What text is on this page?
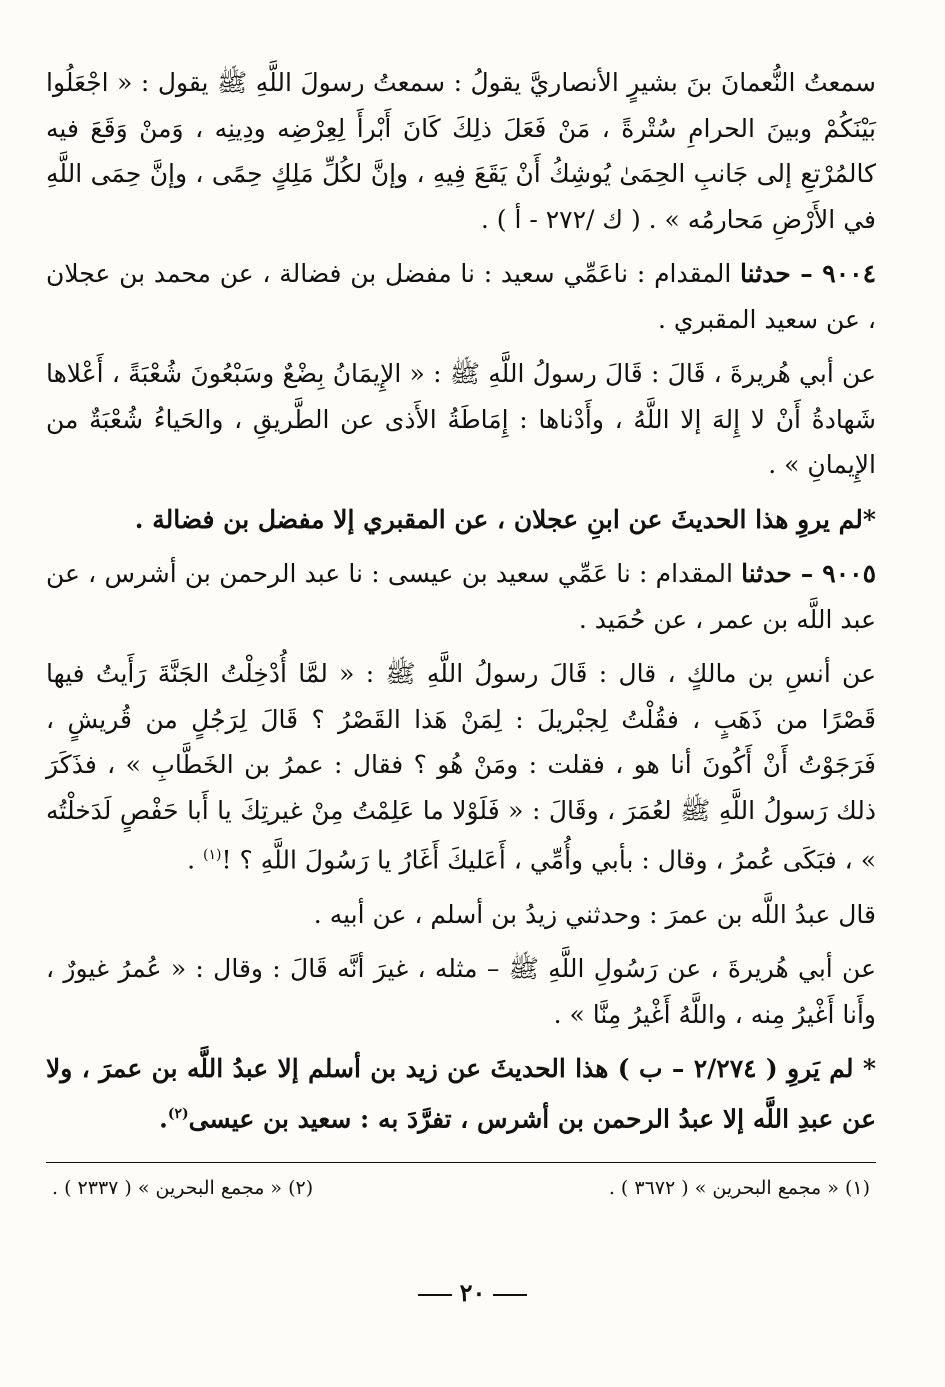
سمعتُ النُّعمانَ بنَ بشيرٍ الأنصاريَّ يقولُ : سمعتُ رسولَ اللَّهِ ﷺ يقول : « اجْعَلُوا بَيْنَكُمْ وبينَ الحرامِ سُتْرةً ، مَنْ فَعَلَ ذلِكَ كَانَ أَبْرأَ لِعِرْضِه ودِينِه ، وَمنْ وَقَعَ فيه كالمُرْتعِ إلى جَانبِ الحِمَىٰ يُوشِكُ أَنْ يَقَعَ فِيهِ ، وإنَّ لكُلِّ مَلِكٍ حِمًى ، وإنَّ حِمَى اللَّهِ في الأَرْضِ مَحارمُه » . ( ك /٢٧٢ - أ ) .

٩٠٠٤ – حدثنا المقدام : ناعَمِّي سعيد : نا مفضل بن فضالة ، عن محمد بن عجلان ، عن سعيد المقبري .

عن أبي هُريرةَ ، قَالَ : قَالَ رسولُ اللَّهِ ﷺ : « الإِيمَانُ بِضْعٌ وسَبْعُونَ شُعْبَةً ، أَعْلاها شَهادةُ أَنْ لا إِلهَ إلا اللَّهُ ، وأَدْناها : إِمَاطَةُ الأَذى عن الطَّريقِ ، والحَياءُ شُعْبَةٌ من الإِيمانِ » .

*لم يروِ هذا الحديثَ عن ابنِ عجلان ، عن المقبري إلا مفضل بن فضالة .

٩٠٠٥ – حدثنا المقدام : نا عَمِّي سعيد بن عيسى : نا عبد الرحمن بن أشرس ، عن عبد اللَّه بن عمر ، عن حُمَيد .

عن أنسِ بن مالكٍ ، قال : قَالَ رسولُ اللَّهِ ﷺ : « لمَّا أُدْخِلْتُ الجَنَّةَ رَأَيتُ فيها قَصْرًا من ذَهَبٍ ، فقُلْتُ لِجبْريلَ : لِمَنْ هَذا القَصْرُ ؟ قَالَ لِرَجُلٍ من قُريشٍ ، فَرَجَوْتُ أَنْ أَكُونَ أنا هو ، فقلت : ومَنْ هُو ؟ فقال : عمرُ بن الخَطَّابِ » ، فذَكَرَ ذلك رَسولُ اللَّهِ ﷺ لعُمَرَ ، وقَالَ : « فَلَوْلا ما عَلِمْتُ مِنْ غيرتِكَ يا أَبا حَفْصٍ لَدَخلْتُه » ، فبَكَى عُمرُ ، وقال : بأبي وأُمِّي ، أَعَليكَ أَغَارُ يا رَسُولَ اللَّهِ ؟ !$^{(١)}$ .

قال عبدُ اللَّه بن عمرَ : وحدثني زيدُ بن أسلم ، عن أبيه .

عن أبي هُريرةَ ، عن رَسُولِ اللَّهِ ﷺ – مثله ، غيرَ أنَّه قَالَ : وقال : « عُمرُ غيورٌ ، وأَنا أَغْيرُ مِنه ، واللَّهُ أَغْيرُ مِنَّا » .

* لم يَروِ ( ٢/٢٧٤ – ب ) هذا الحديثَ عن زيد بن أسلم إلا عبدُ اللَّه بن عمرَ ، ولا عن عبدِ اللَّه إلا عبدُ الرحمن بن أشرس ، تفرَّدَ به : سعيد بن عيسى$^{(٢)}$.

(١) « مجمع البحرين » ( ٣٦٧٢ ) .
(٢) « مجمع البحرين » ( ٢٣٣٧ ) .
٢٠
